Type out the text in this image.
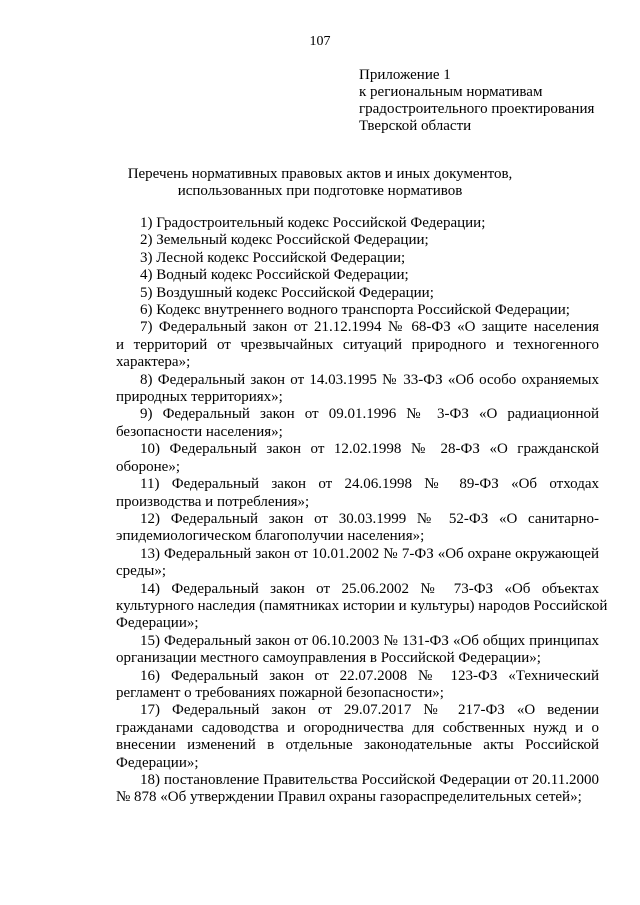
107
Приложение 1
к региональным нормативам
градостроительного проектирования
Тверской области
Перечень нормативных правовых актов и иных документов,
использованных при подготовке нормативов
1) Градостроительный кодекс Российской Федерации;
2) Земельный кодекс Российской Федерации;
3) Лесной кодекс Российской Федерации;
4) Водный кодекс Российской Федерации;
5) Воздушный кодекс Российской Федерации;
6) Кодекс внутреннего водного транспорта Российской Федерации;
7) Федеральный закон от 21.12.1994 № 68-ФЗ «О защите населения
и территорий от чрезвычайных ситуаций природного и техногенного
характера»;
8) Федеральный закон от 14.03.1995 № 33-ФЗ «Об особо охраняемых
природных территориях»;
9) Федеральный закон от 09.01.1996 № 3-ФЗ «О радиационной
безопасности населения»;
10) Федеральный закон от 12.02.1998 № 28-ФЗ «О гражданской
обороне»;
11) Федеральный закон от 24.06.1998 № 89-ФЗ «Об отходах
производства и потребления»;
12) Федеральный закон от 30.03.1999 № 52-ФЗ «О санитарно-
эпидемиологическом благополучии населения»;
13) Федеральный закон от 10.01.2002 № 7-ФЗ «Об охране окружающей
среды»;
14) Федеральный закон от 25.06.2002 № 73-ФЗ «Об объектах
культурного наследия (памятниках истории и культуры) народов Российской
Федерации»;
15) Федеральный закон от 06.10.2003 № 131-ФЗ «Об общих принципах
организации местного самоуправления в Российской Федерации»;
16) Федеральный закон от 22.07.2008 № 123-ФЗ «Технический
регламент о требованиях пожарной безопасности»;
17) Федеральный закон от 29.07.2017 № 217-ФЗ «О ведении
гражданами садоводства и огородничества для собственных нужд и о
внесении изменений в отдельные законодательные акты Российской
Федерации»;
18) постановление Правительства Российской Федерации от 20.11.2000
№ 878 «Об утверждении Правил охраны газораспределительных сетей»;
